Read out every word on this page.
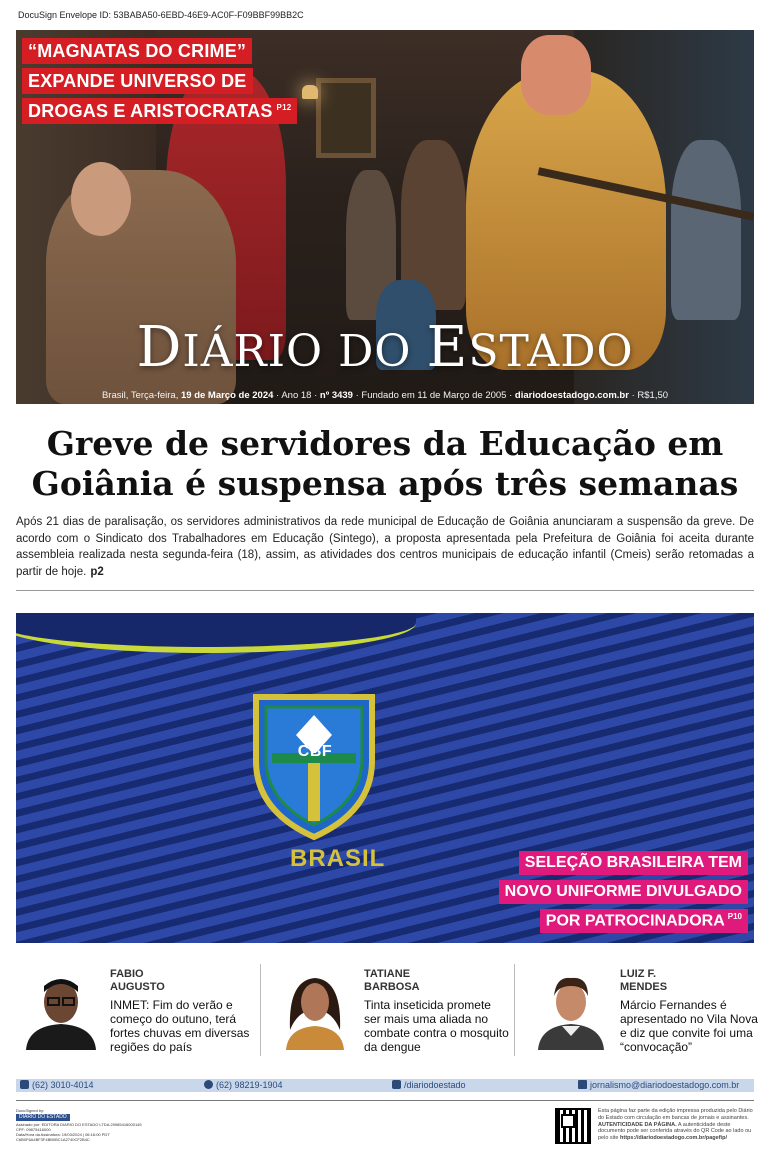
DocuSign Envelope ID: 53BABA50-6EBD-46E9-AC0F-F09BBF99BB2C
“MAGNATAS DO CRIME”
EXPANDE UNIVERSO DE
DROGAS E ARISTOCRATAS $^{P12}$
DIÁRIO DO ESTADO
Brasil, Terça-feira, 19 de Março de 2024 · Ano 18 · nº 3439 · Fundado em 11 de Março de 2005 · diariodoestadogo.com.br · R$1,50
Greve de servidores da Educação em
Goiânia é suspensa após três semanas
Após 21 dias de paralisação, os servidores administrativos da rede municipal de Educação de Goiânia anunciaram a suspensão da greve. De acordo com o Sindicato dos Trabalhadores em Educação (Sintego), a proposta apresentada pela Prefeitura de Goiânia foi aceita durante assembleia realizada nesta segunda-feira (18), assim, as atividades dos centros municipais de educação infantil (Cmeis) serão retomadas a partir de hoje. p2
CBF
BRASIL	SELEÇÃO BRASILEIRA TEM
NOVO UNIFORME DIVULGADO
POR PATROCINADORA $^{P10}$
FABIO
AUGUSTO
INMET: Fim do verão e começo do outuno, terá fortes chuvas em diversas regiões do país
TATIANE
BARBOSA
Tinta inseticida promete ser mais uma aliada no combate contra o mosquito da dengue
LUIZ F.
MENDES
Márcio Fernandes é apresentado no Vila Nova e diz que convite foi uma “convocação”
(62) 3010-4014	(62) 98219-1904	/diariodoestado	jornalismo@diariodoestadogo.com.br
DocuSigned by:
DIÁRIO DO ESTADO
Assinado por: EDITORA DIARIO DO ESTADO LTDA:20985416000145
CPF: 09875416000
Data/Hora da Assinatura: 19/03/2024 | 06:16:00 PDT
C6B0F6A4BF3F4BB0BC1A2740CF2B4C
Esta página faz parte da edição impressa produzida pelo Diário do Estado com circulação em bancas de jornais e assinantes. AUTENTICIDADE DA PÁGINA. A autenticidade deste documento pode ser conferida através do QR Code ao lado ou pelo site https://diariodoestadogo.com.br/pagefip/
